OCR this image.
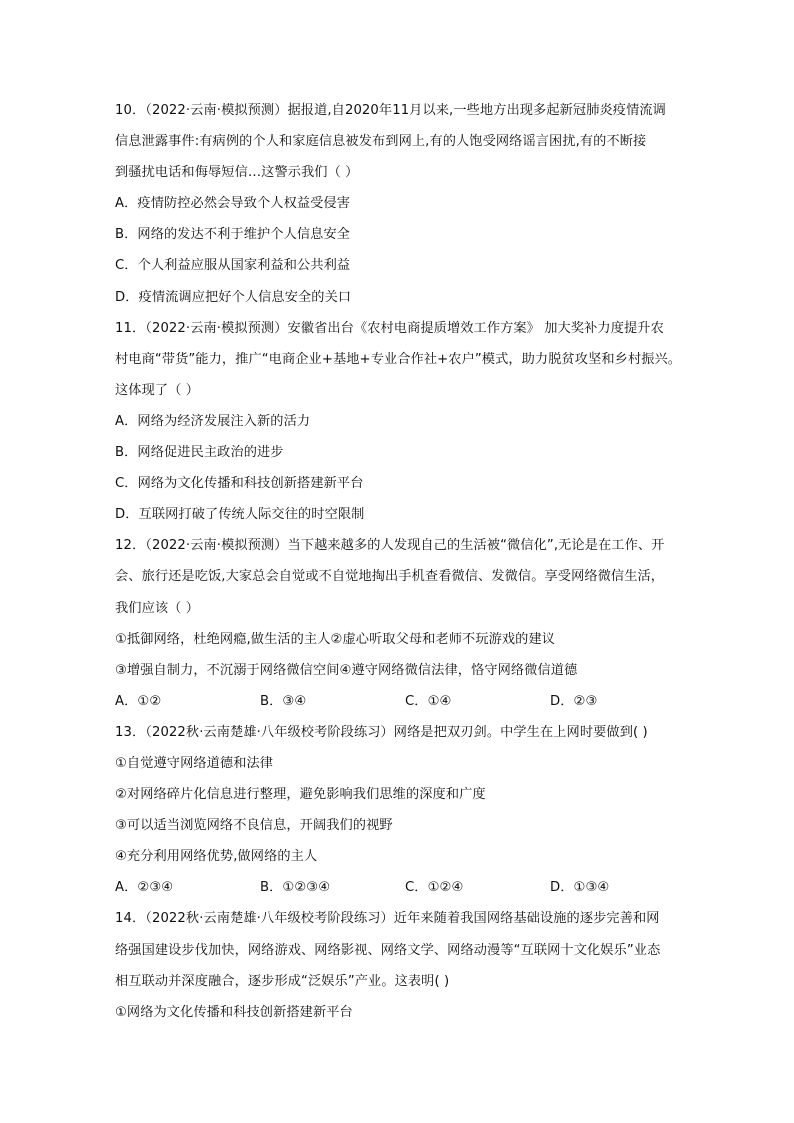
10．（2022·云南·模拟预测）据报道,自2020年11月以来,一些地方出现多起新冠肺炎疫情流调
信息泄露事件:有病例的个人和家庭信息被发布到网上,有的人饱受网络谣言困扰,有的不断接
到骚扰电话和侮辱短信…这警示我们（ ）
A．疫情防控必然会导致个人权益受侵害
B．网络的发达不利于维护个人信息安全
C．个人利益应服从国家利益和公共利益
D．疫情流调应把好个人信息安全的关口
11．（2022·云南·模拟预测）安徽省出台《农村电商提质增效工作方案》 加大奖补力度提升农
村电商“带货”能力，推广“电商企业+基地+专业合作社+农户”模式，助力脱贫攻坚和乡村振兴。
这体现了（ ）
A．网络为经济发展注入新的活力
B．网络促进民主政治的进步
C．网络为文化传播和科技创新搭建新平台
D．互联网打破了传统人际交往的时空限制
12．（2022·云南·模拟预测）当下越来越多的人发现自己的生活被“微信化”,无论是在工作、开
会、旅行还是吃饭,大家总会自觉或不自觉地掏出手机查看微信、发微信。享受网络微信生活，
我们应该（ ）
①抵御网络，杜绝网瘾,做生活的主人②虚心听取父母和老师不玩游戏的建议
③增强自制力，不沉溺于网络微信空间④遵守网络微信法律，恪守网络微信道德
A．①②	B．③④	C．①④	D．②③
13．（2022秋·云南楚雄·八年级校考阶段练习）网络是把双刃剑。中学生在上网时要做到( )
①自觉遵守网络道德和法律
②对网络碎片化信息进行整理，避免影响我们思维的深度和广度
③可以适当浏览网络不良信息，开阔我们的视野
④充分利用网络优势,做网络的主人
A．②③④	B．①②③④	C．①②④	D．①③④
14．（2022秋·云南楚雄·八年级校考阶段练习）近年来随着我国网络基础设施的逐步完善和网
络强国建设步伐加快，网络游戏、网络影视、网络文学、网络动漫等“互联网十文化娱乐”业态
相互联动并深度融合，逐步形成“泛娱乐”产业。这表明( )
①网络为文化传播和科技创新搭建新平台
